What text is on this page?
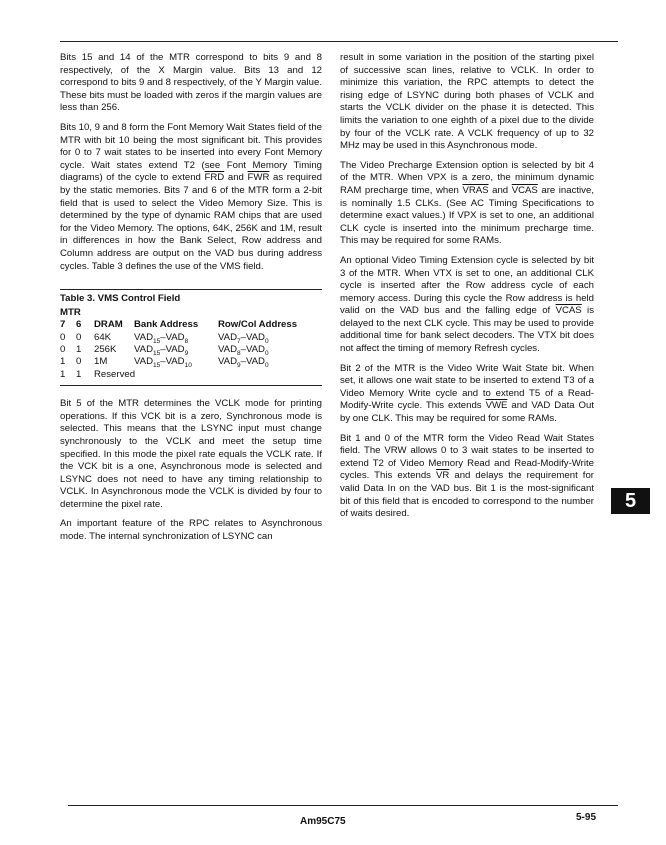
Bits 15 and 14 of the MTR correspond to bits 9 and 8 respectively, of the X Margin value. Bits 13 and 12 correspond to bits 9 and 8 respectively, of the Y Margin value. These bits must be loaded with zeros if the margin values are less than 256.

Bits 10, 9 and 8 form the Font Memory Wait States field of the MTR with bit 10 being the most significant bit. This provides for 0 to 7 wait states to be inserted into every Font Memory cycle. Wait states extend T2 (see Font Memory Timing diagrams) of the cycle to extend $\overline{FRD}$ and $\overline{FWR}$ as required by the static memories. Bits 7 and 6 of the MTR form a 2-bit field that is used to select the Video Memory Size. This is determined by the type of dynamic RAM chips that are used for the Video Memory. The options, 64K, 256K and 1M, result in differences in how the Bank Select, Row address and Column address are output on the VAD bus during address cycles. Table 3 defines the use of the VMS field.

Table 3. VMS Control Field
MTR				
7	6	DRAM	Bank Address	Row/Col Address
0	0	64K	$VAD_{15}-VAD_8$	$VAD_7-VAD_0$
0	1	256K	$VAD_{15}-VAD_9$	$VAD_8-VAD_0$
1	0	1M	$VAD_{15}-VAD_{10}$	$VAD_9-VAD_0$
1	1	Reserved		

Bit 5 of the MTR determines the VCLK mode for printing operations. If this VCK bit is a zero, Synchronous mode is selected. This means that the LSYNC input must change synchronously to the VCLK and meet the setup time specified. In this mode the pixel rate equals the VCLK rate. If the VCK bit is a one, Asynchronous mode is selected and LSYNC does not need to have any timing relationship to VCLK. In Asynchronous mode the VCLK is divided by four to determine the pixel rate.

An important feature of the RPC relates to Asynchronous mode. The internal synchronization of LSYNC can

result in some variation in the position of the starting pixel of successive scan lines, relative to VCLK. In order to minimize this variation, the RPC attempts to detect the rising edge of LSYNC during both phases of VCLK and starts the VCLK divider on the phase it is detected. This limits the variation to one eighth of a pixel due to the divide by four of the VCLK rate. A VCLK frequency of up to 32 MHz may be used in this Asynchronous mode.

The Video Precharge Extension option is selected by bit 4 of the MTR. When VPX is a zero, the minimum dynamic RAM precharge time, when VRAS and VCAS are inactive, is nominally 1.5 CLKs. (See AC Timing Specifications to determine exact values.) If VPX is set to one, an additional CLK cycle is inserted into the minimum precharge time. This may be required for some RAMs.

An optional Video Timing Extension cycle is selected by bit 3 of the MTR. When VTX is set to one, an additional CLK cycle is inserted after the Row address cycle of each memory access. During this cycle the Row address is held valid on the VAD bus and the falling edge of VCAS is delayed to the next CLK cycle. This may be used to provide additional time for bank select decoders. The VTX bit does not affect the timing of memory Refresh cycles.

Bit 2 of the MTR is the Video Write Wait State bit. When set, it allows one wait state to be inserted to extend T3 of a Video Memory Write cycle and to extend T5 of a Read-Modify-Write cycle. This extends $\overline{VWE}$ and VAD Data Out by one CLK. This may be required for some RAMs.

Bit 1 and 0 of the MTR form the Video Read Wait States field. The VRW allows 0 to 3 wait states to be inserted to extend T2 of Video Memory Read and Read-Modify-Write cycles. This extends $\overline{VR}$ and delays the requirement for valid Data In on the VAD bus. Bit 1 is the most-significant bit of this field that is encoded to correspond to the number of waits desired.

5
Am95C75	5-95
